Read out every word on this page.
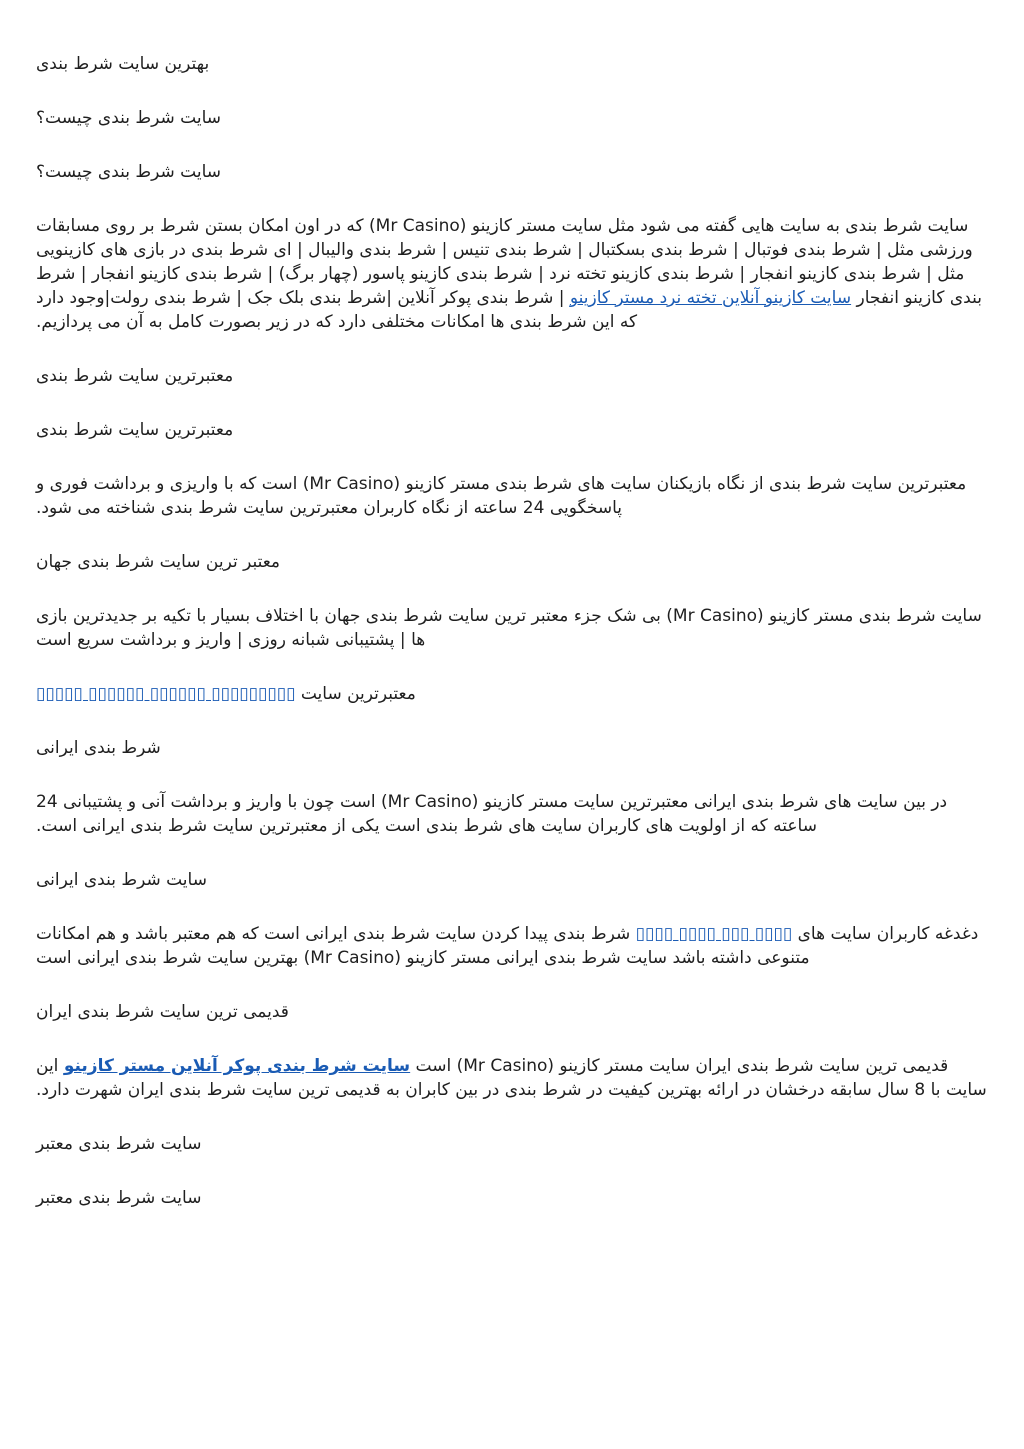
بهترین سایت شرط بندی

سایت شرط بندی چیست؟

سایت شرط بندی چیست؟

سایت شرط بندی به سایت هایی گفته می شود مثل سایت مستر کازینو (Mr Casino) که در اون امکان بستن شرط بر روی مسابقات ورزشی مثل | شرط بندی فوتبال | شرط بندی بسکتبال | شرط بندی تنیس | شرط بندی والیبال | ای شرط بندی در بازی های کازینویی مثل | شرط بندی کازینو انفجار | شرط بندی کازینو تخته نرد | شرط بندی کازینو پاسور (چهار برگ) | شرط بندی کازینو انفجار | شرط بندی کازینو انفجار سایت کازینو آنلاین تخته نرد مستر کازینو | شرط بندی پوکر آنلاین |شرط بندی بلک جک | شرط بندی رولت|وجود دارد که این شرط بندی ها امکانات مختلفی دارد که در زیر بصورت کامل به آن می پردازیم.

معتبرترین سایت شرط بندی

معتبرترین سایت شرط بندی

معتبرترین سایت شرط بندی از نگاه بازیکنان سایت های شرط بندی مستر کازینو (Mr Casino) است که با واریزی و برداشت فوری و پاسخگویی 24 ساعته از نگاه کاربران معتبرترین سایت شرط بندی شناخته می شود.

معتبر ترین سایت شرط بندی جهان

سایت شرط بندی مستر کازینو (Mr Casino) بی شک جزء معتبر ترین سایت شرط بندی جهان با اختلاف بسیار با تکیه بر جدیدترین بازی ها | پشتیبانی شبانه روزی | واریز و برداشت سریع است

معتبرترین سایت ▯▯▯▯▯▯▯▯▯ ▯▯▯▯▯▯ ▯▯▯▯▯▯ ▯▯▯▯▯

شرط بندی ایرانی

در بین سایت های شرط بندی ایرانی معتبرترین سایت مستر کازینو (Mr Casino) است چون با واریز و برداشت آنی و پشتیبانی 24 ساعته که از اولویت های کاربران سایت های شرط بندی است یکی از معتبرترین سایت شرط بندی ایرانی است.

سایت شرط بندی ایرانی

دغدغه کاربران سایت های ▯▯▯▯ ▯▯▯ ▯▯▯▯ ▯▯▯▯ شرط بندی پیدا کردن سایت شرط بندی ایرانی است که هم معتبر باشد و هم امکانات متنوعی داشته باشد سایت شرط بندی ایرانی مستر کازینو (Mr Casino) بهترین سایت شرط بندی ایرانی است

قدیمی ترین سایت شرط بندی ایران

قدیمی ترین سایت شرط بندی ایران سایت مستر کازینو (Mr Casino) است سایت شرط بندی پوکر آنلاین مستر کازینو این سایت با 8 سال سابقه درخشان در ارائه بهترین کیفیت در شرط بندی در بین کابران به قدیمی ترین سایت شرط بندی ایران شهرت دارد.

سایت شرط بندی معتبر

سایت شرط بندی معتبر
